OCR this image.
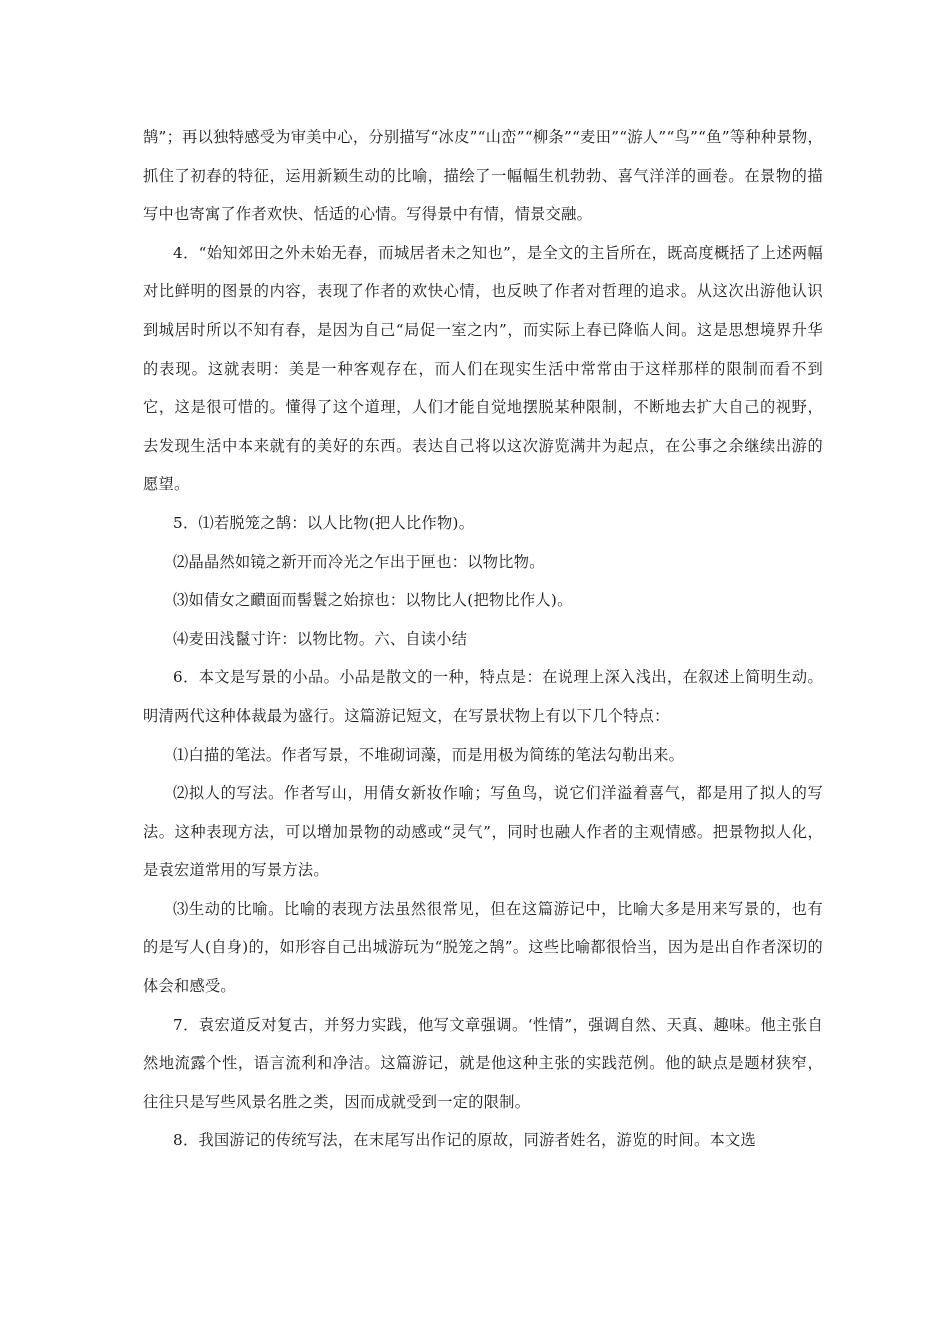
鹄”；再以独特感受为审美中心，分别描写“冰皮”“山峦”“柳条”“麦田”“游人”“鸟”“鱼”等种种景物，抓住了初春的特征，运用新颖生动的比喻，描绘了一幅幅生机勃勃、喜气洋洋的画卷。在景物的描写中也寄寓了作者欢快、恬适的心情。写得景中有情，情景交融。

4．“始知郊田之外未始无春，而城居者未之知也”，是全文的主旨所在，既高度概括了上述两幅对比鲜明的图景的内容，表现了作者的欢快心情，也反映了作者对哲理的追求。从这次出游他认识到城居时所以不知有春，是因为自己“局促一室之内”，而实际上春已降临人间。这是思想境界升华的表现。这就表明：美是一种客观存在，而人们在现实生活中常常由于这样那样的限制而看不到它，这是很可惜的。懂得了这个道理，人们才能自觉地摆脱某种限制，不断地去扩大自己的视野，去发现生活中本来就有的美好的东西。表达自己将以这次游览满井为起点，在公事之余继续出游的愿望。

5．⑴若脱笼之鹄：以人比物(把人比作物)。

⑵晶晶然如镜之新开而冷光之乍出于匣也：以物比物。

⑶如倩女之靧面而髻鬟之始掠也：以物比人(把物比作人)。

⑷麦田浅鬣寸许：以物比物。六、自读小结

6．本文是写景的小品。小品是散文的一种，特点是：在说理上深入浅出，在叙述上简明生动。明清两代这种体裁最为盛行。这篇游记短文，在写景状物上有以下几个特点：

⑴白描的笔法。作者写景，不堆砌词藻，而是用极为简练的笔法勾勒出来。

⑵拟人的写法。作者写山，用倩女新妆作喻；写鱼鸟，说它们洋溢着喜气，都是用了拟人的写法。这种表现方法，可以增加景物的动感或“灵气”，同时也融人作者的主观情感。把景物拟人化，是袁宏道常用的写景方法。

⑶生动的比喻。比喻的表现方法虽然很常见，但在这篇游记中，比喻大多是用来写景的，也有的是写人(自身)的，如形容自己出城游玩为“脱笼之鹄”。这些比喻都很恰当，因为是出自作者深切的体会和感受。

7．袁宏道反对复古，并努力实践，他写文章强调。‘性情”，强调自然、天真、趣味。他主张自然地流露个性，语言流利和净洁。这篇游记，就是他这种主张的实践范例。他的缺点是题材狭窄，往往只是写些风景名胜之类，因而成就受到一定的限制。

8．我国游记的传统写法，在末尾写出作记的原故，同游者姓名，游览的时间。本文选
